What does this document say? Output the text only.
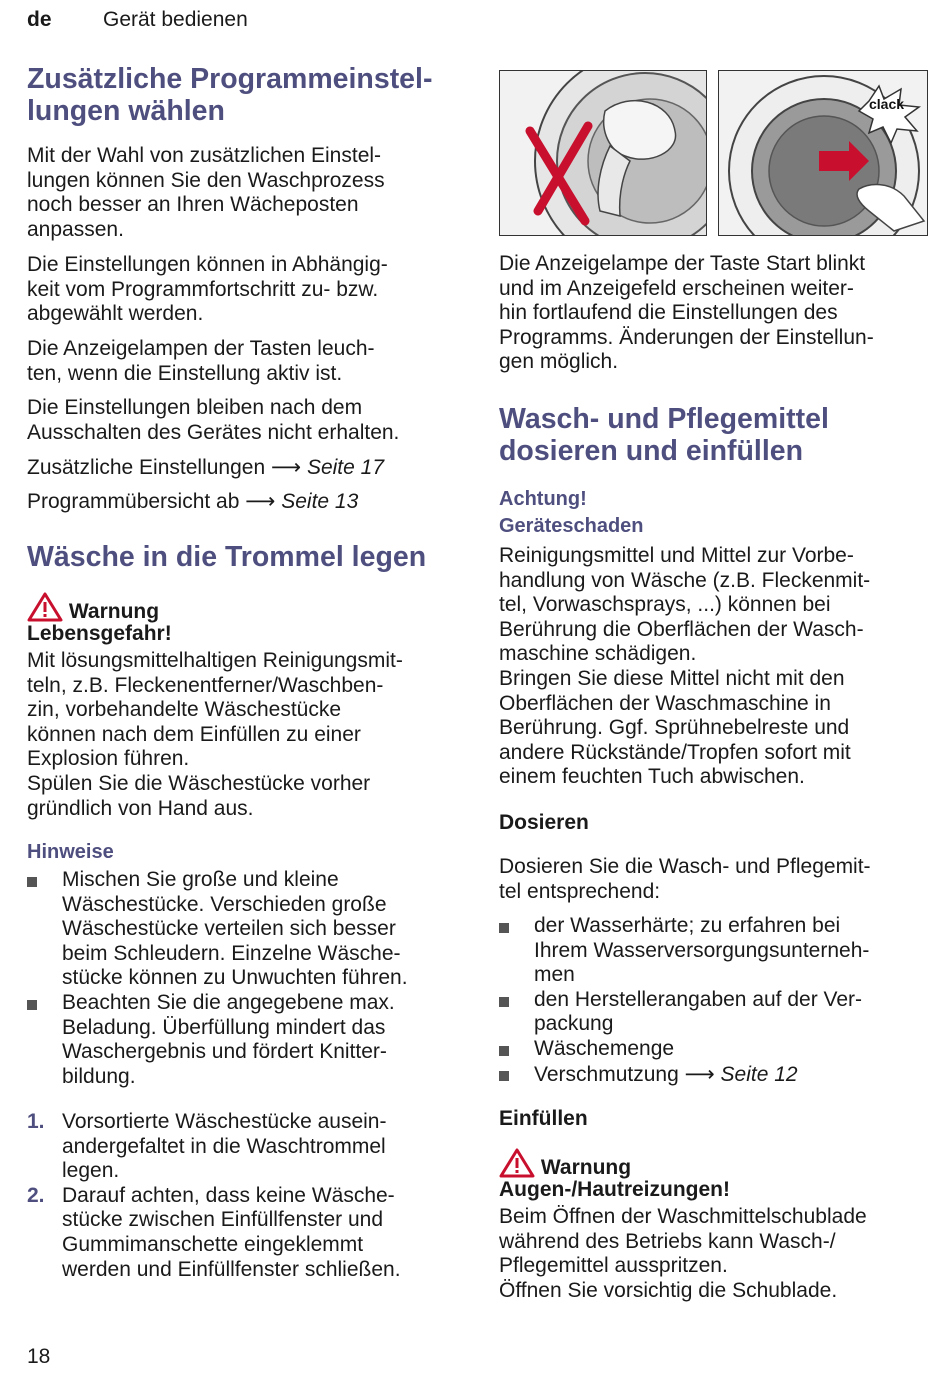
de Gerät bedienen
Zusätzliche Programmeinstel-
lungen wählen

Mit der Wahl von zusätzlichen Einstel-
lungen können Sie den Waschprozess
noch besser an Ihren Wächeposten
anpassen.

Die Einstellungen können in Abhängig-
keit vom Programmfortschritt zu- bzw.
abgewählt werden.

Die Anzeigelampen der Tasten leuch-
ten, wenn die Einstellung aktiv ist.

Die Einstellungen bleiben nach dem
Ausschalten des Gerätes nicht erhalten.

Zusätzliche Einstellungen ⟶ Seite 17
Programmübersicht ab ⟶ Seite 13
Wäsche in die Trommel legen
Warnung
Lebensgefahr!

Mit lösungsmittelhaltigen Reinigungsmit-
teln, z.B. Fleckenentferner/Waschben-
zin, vorbehandelte Wäschestücke
können nach dem Einfüllen zu einer
Explosion führen.
Spülen Sie die Wäschestücke vorher
gründlich von Hand aus.

Hinweise
Mischen Sie große und kleine
Wäschestücke. Verschieden große
Wäschestücke verteilen sich besser
beim Schleudern. Einzelne Wäsche-
stücke können zu Unwuchten führen.
Beachten Sie die angegebene max.
Beladung. Überfüllung mindert das
Waschergebnis und fördert Knitter-
bildung.
1. Vorsortierte Wäschestücke ausein-
andergefaltet in die Waschtrommel
legen.
2. Darauf achten, dass keine Wäsche-
stücke zwischen Einfüllfenster und
Gummimanschette eingeklemmt
werden und Einfüllfenster schließen.
clack

Die Anzeigelampe der Taste Start blinkt
und im Anzeigefeld erscheinen weiter-
hin fortlaufend die Einstellungen des
Programms. Änderungen der Einstellun-
gen möglich.

Wasch- und Pflegemittel
dosieren und einfüllen
Achtung!
Geräteschaden

Reinigungsmittel und Mittel zur Vorbe-
handlung von Wäsche (z.B. Fleckenmit-
tel, Vorwaschsprays, ...) können bei
Berührung die Oberflächen der Wasch-
maschine schädigen.
Bringen Sie diese Mittel nicht mit den
Oberflächen der Waschmaschine in
Berührung. Ggf. Sprühnebelreste und
andere Rückstände/Tropfen sofort mit
einem feuchten Tuch abwischen.

Dosieren

Dosieren Sie die Wasch- und Pflegemit-
tel entsprechend:

der Wasserhärte; zu erfahren bei
Ihrem Wasserversorgungsunterneh-
men
den Herstellerangaben auf der Ver-
packung
Wäschemenge
Verschmutzung ⟶ Seite 12
Einfüllen
Warnung
Augen-/Hautreizungen!

Beim Öffnen der Waschmittelschublade
während des Betriebs kann Wasch-/
Pflegemittel ausspritzen.
Öffnen Sie vorsichtig die Schublade.

18
